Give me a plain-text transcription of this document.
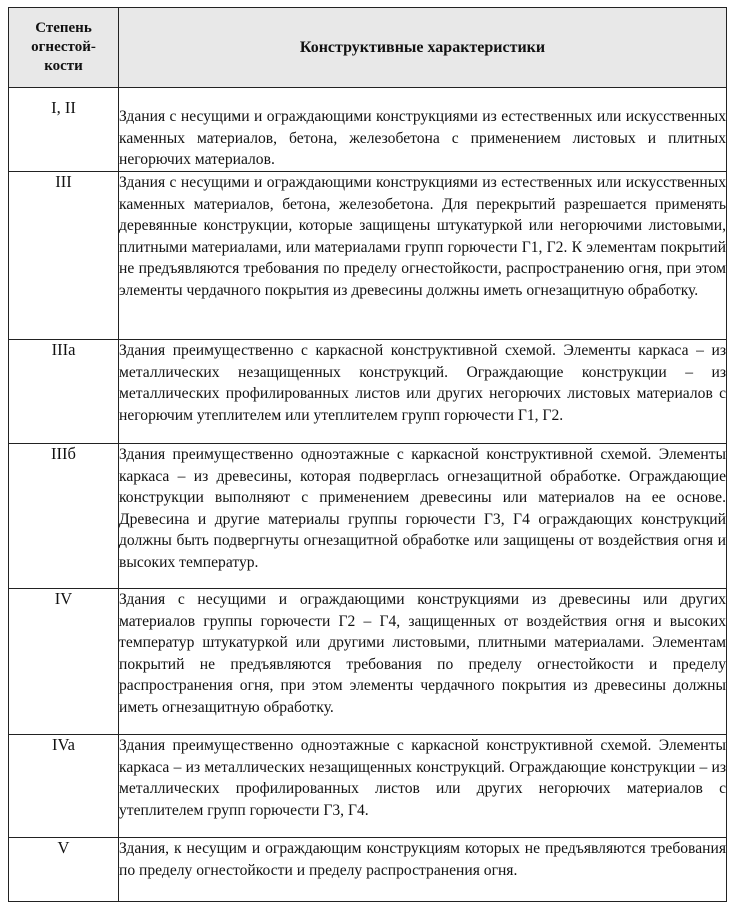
Степень
огнестой-
кости	Конструктивные характеристики
I, II	Здания с несущими и ограждающими конструкциями из естественных или искусственных каменных материалов, бетона, железобетона с применением листовых и плитных негорючих материалов.
III	Здания с несущими и ограждающими конструкциями из естественных или искусственных каменных материалов, бетона, железобетона. Для перекрытий разрешается применять деревянные конструкции, которые защищены штукатуркой или негорючими листовыми, плитными материалами, или материалами групп горючести Г1, Г2. К элементам покрытий не предъявляются требования по пределу огнестойкости, распространению огня, при этом элементы чердачного покрытия из древесины должны иметь огнезащитную обработку.
IIIa	Здания преимущественно с каркасной конструктивной схемой. Элементы каркаса – из металлических незащищенных конструкций. Ограждающие конструкции – из металлических профилированных листов или других негорючих листовых материалов с негорючим утеплителем или утеплителем групп горючести Г1, Г2.
IIIб	Здания преимущественно одноэтажные с каркасной конструктивной схемой. Элементы каркаса – из древесины, которая подверглась огнезащитной обработке. Ограждающие конструкции выполняют с применением древесины или материалов на ее основе. Древесина и другие материалы группы горючести Г3, Г4 ограждающих конструкций должны быть подвергнуты огнезащитной обработке или защищены от воздействия огня и высоких температур.
IV	Здания с несущими и ограждающими конструкциями из древесины или других материалов группы горючести Г2 – Г4, защищенных от воздействия огня и высоких температур штукатуркой или другими листовыми, плитными материалами. Элементам покрытий не предъявляются требования по пределу огнестойкости и пределу распространения огня, при этом элементы чердачного покрытия из древесины должны иметь огнезащитную обработку.
IVa	Здания преимущественно одноэтажные с каркасной конструктивной схемой. Элементы каркаса – из металлических незащищенных конструкций. Ограждающие конструкции – из металлических профилированных листов или других негорючих материалов с утеплителем групп горючести Г3, Г4.
V	Здания, к несущим и ограждающим конструкциям которых не предъявляются требования по пределу огнестойкости и пределу распространения огня.
